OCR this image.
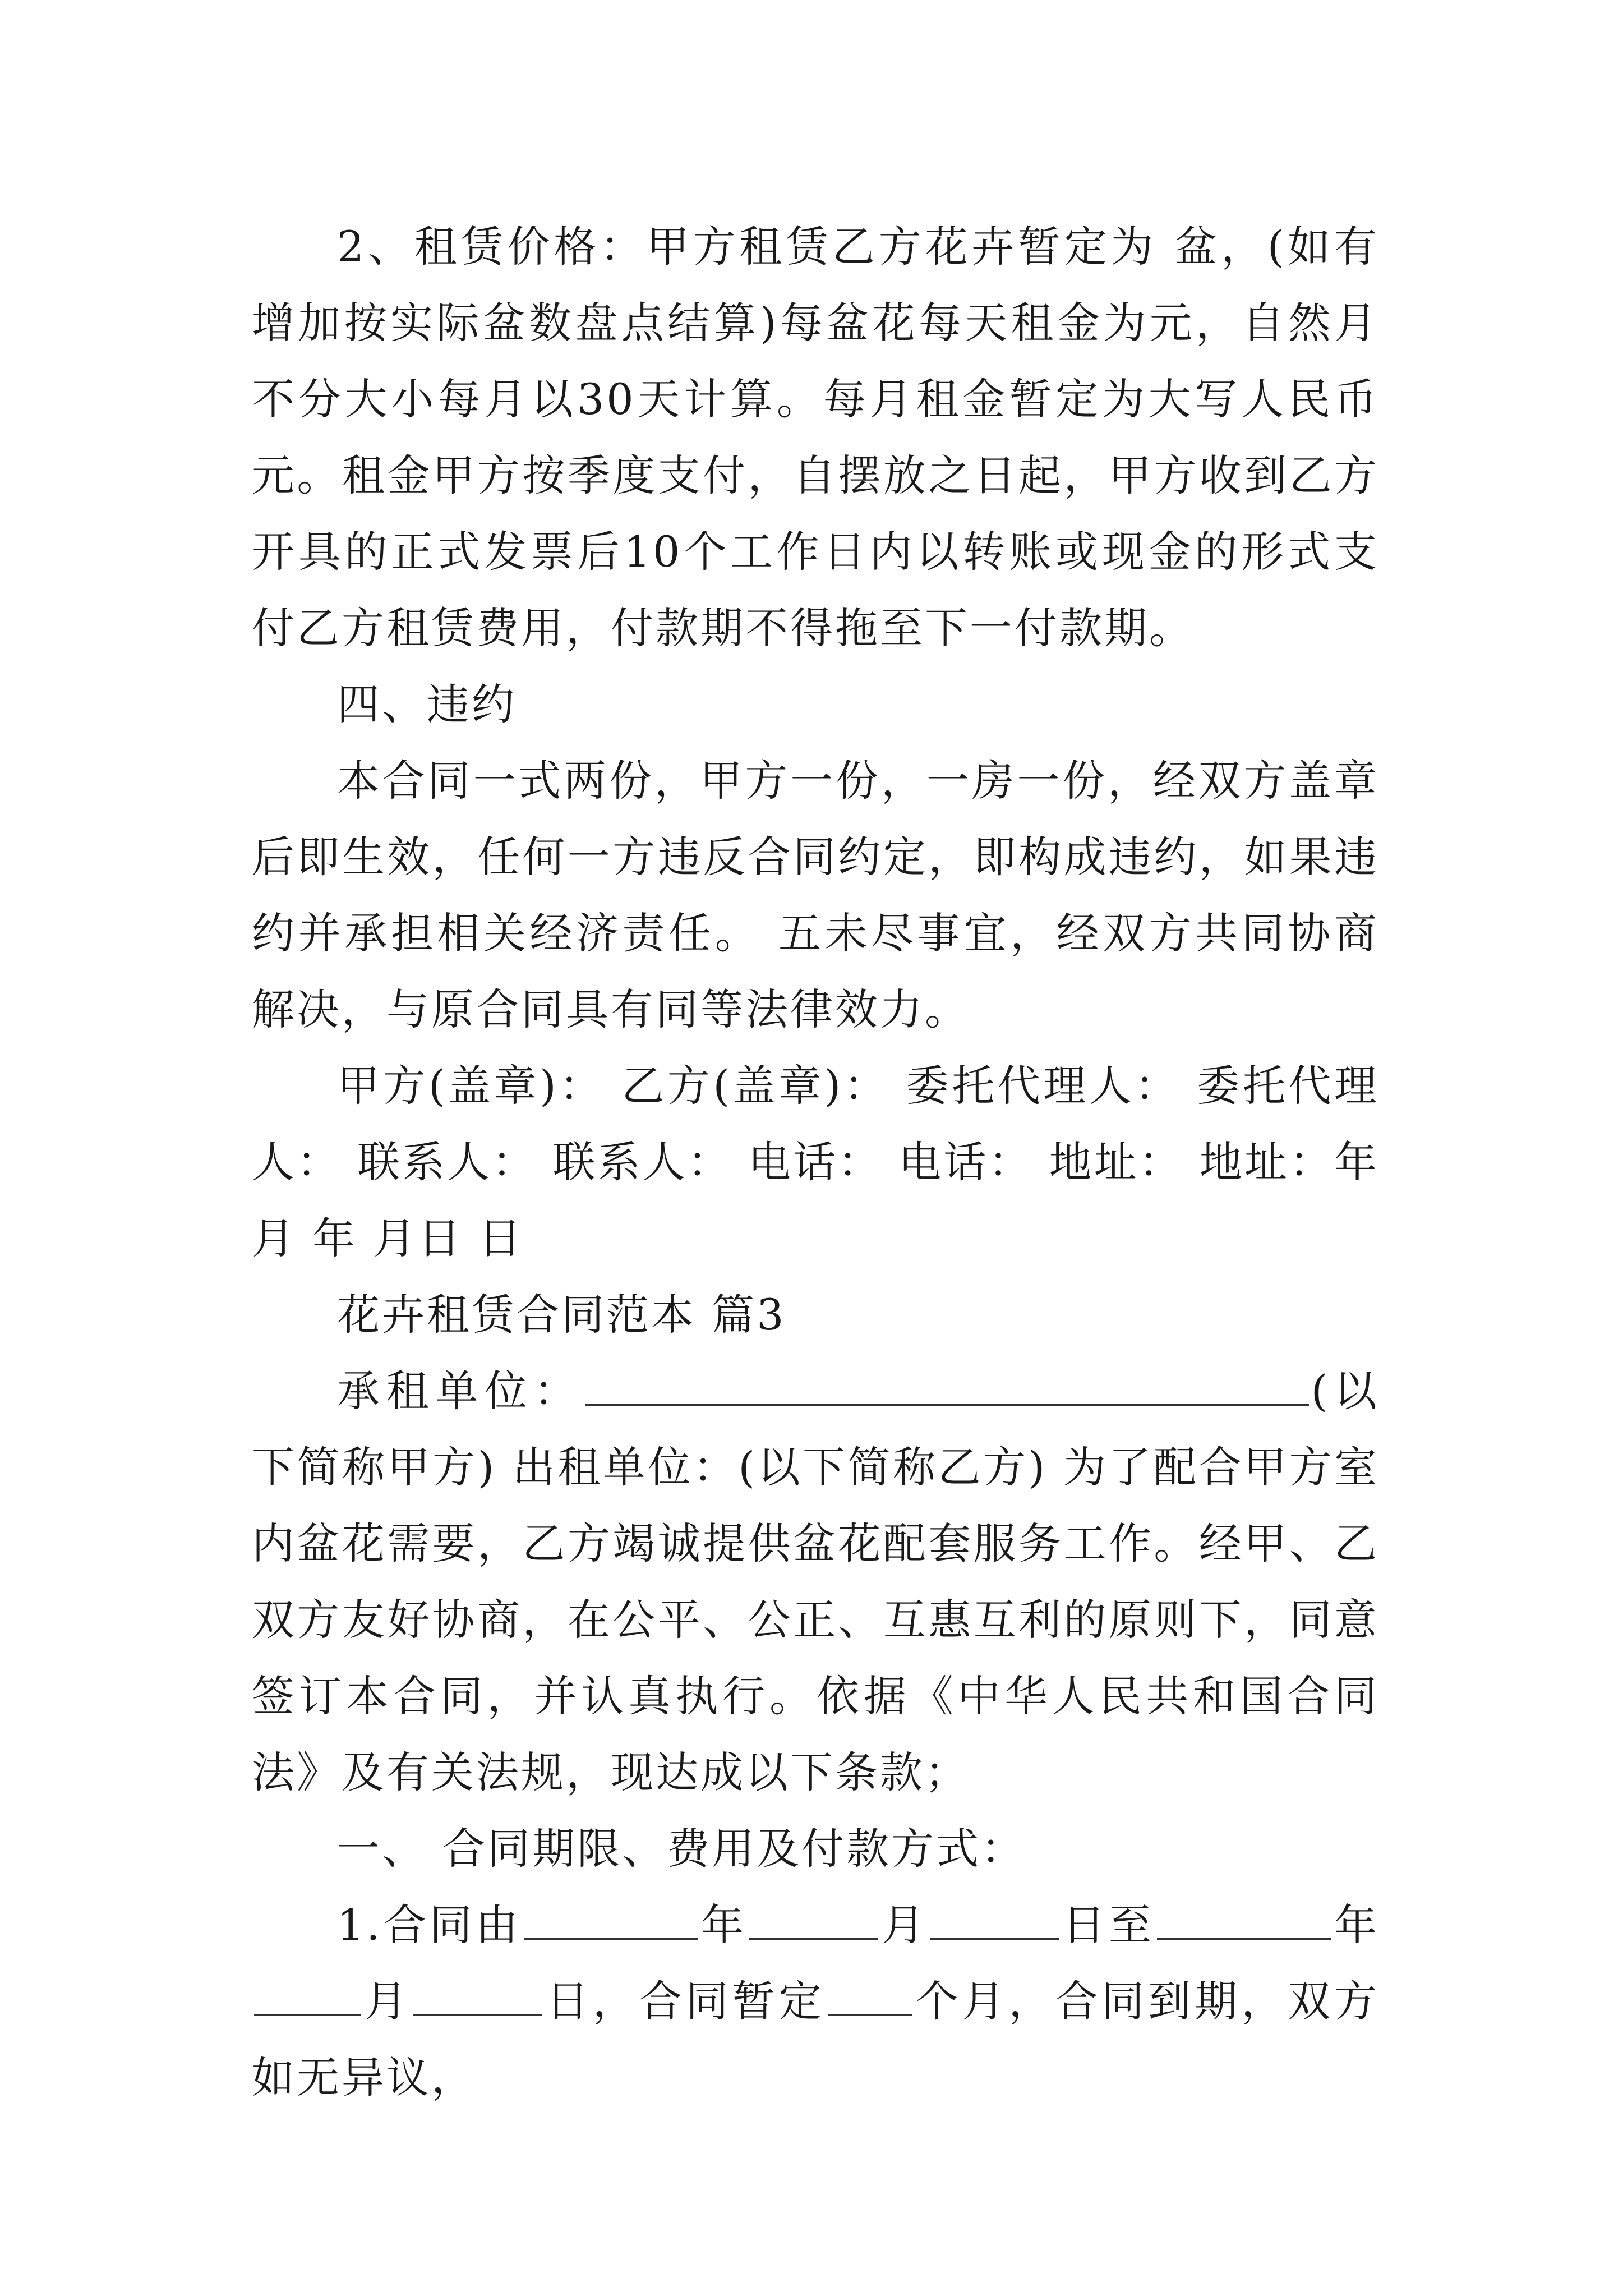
2、租赁价格：甲方租赁乙方花卉暂定为 盆，(如有增加按实际盆数盘点结算)每盆花每天租金为元，自然月不分大小每月以30天计算。每月租金暂定为大写人民币元。租金甲方按季度支付，自摆放之日起，甲方收到乙方开具的正式发票后10个工作日内以转账或现金的形式支付乙方租赁费用，付款期不得拖至下一付款期。

四、违约

本合同一式两份，甲方一份，一房一份，经双方盖章后即生效，任何一方违反合同约定，即构成违约，如果违约并承担相关经济责任。 五未尽事宜，经双方共同协商解决，与原合同具有同等法律效力。

甲方(盖章)： 乙方(盖章)： 委托代理人： 委托代理人： 联系人： 联系人： 电话： 电话： 地址： 地址：年 月 年 月日 日

花卉租赁合同范本 篇3

承租单位：	(以下简称甲方) 出租单位：(以下简称乙方) 为了配合甲方室内盆花需要，乙方竭诚提供盆花配套服务工作。经甲、乙双方友好协商，在公平、公正、互惠互利的原则下，同意签订本合同，并认真执行。依据《中华人民共和国合同法》及有关法规，现达成以下条款；

一、 合同期限、费用及付款方式：

1.合同由	年	月	日至	年月	日，合同暂定 个月，合同到期，双方如无异议，
